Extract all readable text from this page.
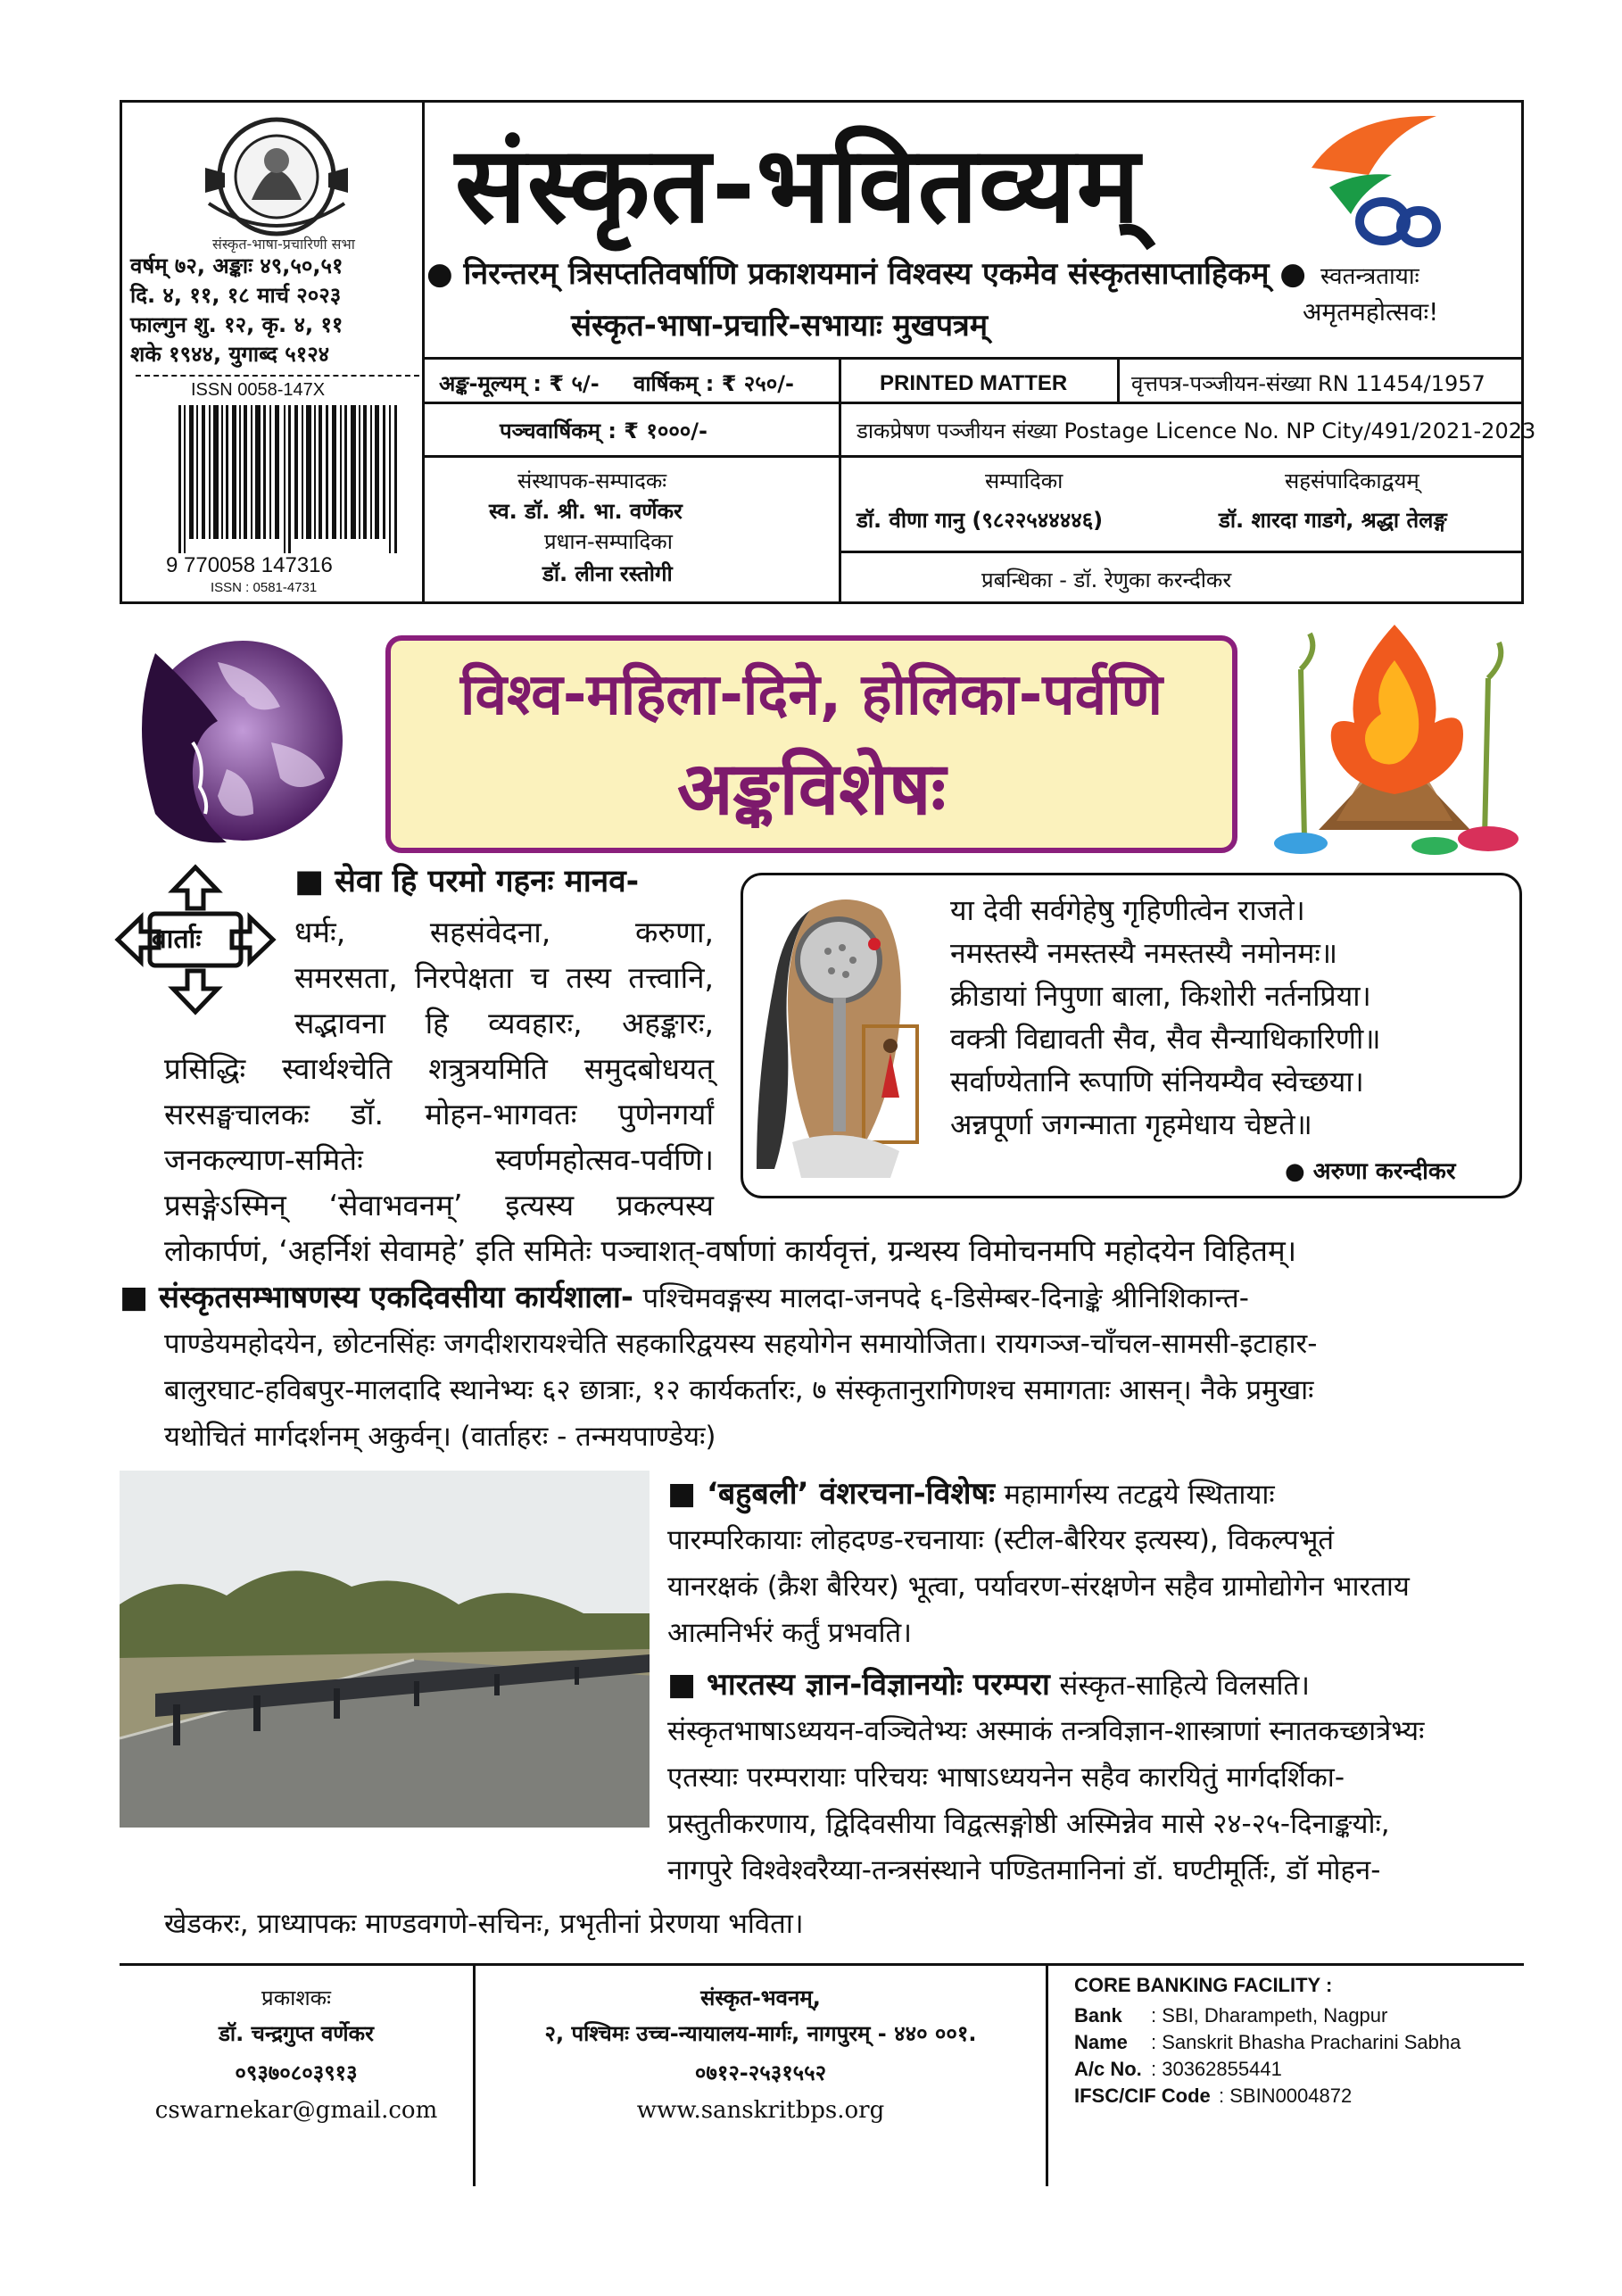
संस्कृत-भाषा-प्रचारिणी सभा
वर्षम् ७२, अङ्काः ४९,५०,५१
दि. ४, ११, १८ मार्च २०२३
फाल्गुन शु. १२, कृ. ४, ११
शके १९४४, युगाब्द ५१२४
ISSN 0058-147X
9 770058 147316
ISSN : 0581-4731
संस्कृत-भवितव्यम्
● निरन्तरम् त्रिसप्ततिवर्षाणि प्रकाशयमानं विश्वस्य एकमेव संस्कृतसाप्ताहिकम् ●
संस्कृत-भाषा-प्रचारि-सभायाः मुखपत्रम्
स्वतन्त्रतायाः
अमृतमहोत्सवः!
अङ्क-मूल्यम् : ₹ ५/- वार्षिकम् : ₹ २५०/-
पञ्चवार्षिकम् : ₹ १०००/-
PRINTED MATTER	वृत्तपत्र-पञ्जीयन-संख्या RN 11454/1957
डाकप्रेषण पञ्जीयन संख्या Postage Licence No. NP City/491/2021-2023
संस्थापक-सम्पादकः
स्व. डॉ. श्री. भा. वर्णेकर
प्रधान-सम्पादिका
डॉ. लीना रस्तोगी
सम्पादिका
डॉ. वीणा गानु (९८२२५४४४४६)
सहसंपादिकाद्वयम्
डॉ. शारदा गाडगे, श्रद्धा तेलङ्ग
प्रबन्धिका - डॉ. रेणुका करन्दीकर
विश्व-महिला-दिने, होलिका-पर्वणि
अङ्कविशेषः
वार्ताः
■ सेवा हि परमो गहनः मानव-
धर्मः, सहसंवेदना, करुणा,
समरसता, निरपेक्षता च तस्य तत्त्वानि,
सद्भावना हि व्यवहारः, अहङ्कारः,
प्रसिद्धिः स्वार्थश्चेति शत्रुत्रयमिति समुदबोधयत्
सरसङ्घचालकः डॉ. मोहन-भागवतः पुणेनगर्यां
जनकल्याण-समितेः स्वर्णमहोत्सव-पर्वणि।
प्रसङ्गेऽस्मिन् ‘सेवाभवनम्’ इत्यस्य प्रकल्पस्य
लोकार्पणं, ‘अहर्निशं सेवामहे’ इति समितेः पञ्चाशत्-वर्षाणां कार्यवृत्तं, ग्रन्थस्य विमोचनमपि महोदयेन विहितम्।
या देवी सर्वगेहेषु गृहिणीत्वेन राजते।
नमस्तस्यै नमस्तस्यै नमस्तस्यै नमोनमः॥
क्रीडायां निपुणा बाला, किशोरी नर्तनप्रिया।
वक्त्री विद्यावती सैव, सैव सैन्याधिकारिणी॥
सर्वाण्येतानि रूपाणि संनियम्यैव स्वेच्छया।
अन्नपूर्णा जगन्माता गृहमेधाय चेष्टते॥
● अरुणा करन्दीकर
■ संस्कृतसम्भाषणस्य एकदिवसीया कार्यशाला- पश्चिमवङ्गस्य मालदा-जनपदे ६-डिसेम्बर-दिनाङ्के श्रीनिशिकान्त-
पाण्डेयमहोदयेन, छोटनसिंहः जगदीशरायश्चेति सहकारिद्वयस्य सहयोगेन समायोजिता। रायगञ्ज-चाँचल-सामसी-इटाहार-
बालुरघाट-हविबपुर-मालदादि स्थानेभ्यः ६२ छात्राः, १२ कार्यकर्तारः, ७ संस्कृतानुरागिणश्च समागताः आसन्। नैके प्रमुखाः
यथोचितं मार्गदर्शनम् अकुर्वन्। (वार्ताहरः - तन्मयपाण्डेयः)
■ ‘बहुबली’ वंशरचना-विशेषः महामार्गस्य तटद्वये स्थितायाः
पारम्परिकायाः लोहदण्ड-रचनायाः (स्टील-बैरियर इत्यस्य), विकल्पभूतं
यानरक्षकं (क्रैश बैरियर) भूत्वा, पर्यावरण-संरक्षणेन सहैव ग्रामोद्योगेन भारताय
आत्मनिर्भरं कर्तुं प्रभवति।
■ भारतस्य ज्ञान-विज्ञानयोः परम्परा संस्कृत-साहित्ये विलसति।
संस्कृतभाषाऽध्ययन-वञ्चितेभ्यः अस्माकं तन्त्रविज्ञान-शास्त्राणां स्नातकच्छात्रेभ्यः
एतस्याः परम्परायाः परिचयः भाषाऽध्ययनेन सहैव कारयितुं मार्गदर्शिका-
प्रस्तुतीकरणाय, द्विदिवसीया विद्वत्सङ्गोष्ठी अस्मिन्नेव मासे २४-२५-दिनाङ्कयोः,
नागपुरे विश्वेश्वरैय्या-तन्त्रसंस्थाने पण्डितमानिनां डॉ. घण्टीमूर्तिः, डॉ मोहन-
खेडकरः, प्राध्यापकः माण्डवगणे-सचिनः, प्रभृतीनां प्रेरणया भविता।
प्रकाशकः
डॉ. चन्द्रगुप्त वर्णेकर
०९३७०८०३९१३
cswarnekar@gmail.com
संस्कृत-भवनम्,
२, पश्चिमः उच्च-न्यायालय-मार्गः, नागपुरम् - ४४० ००१.
०७१२-२५३१५५२
www.sanskritbps.org
CORE BANKING FACILITY :
Bank : SBI, Dharampeth, Nagpur
Name : Sanskrit Bhasha Pracharini Sabha
A/c No. : 30362855441
IFSC/CIF Code : SBIN0004872
